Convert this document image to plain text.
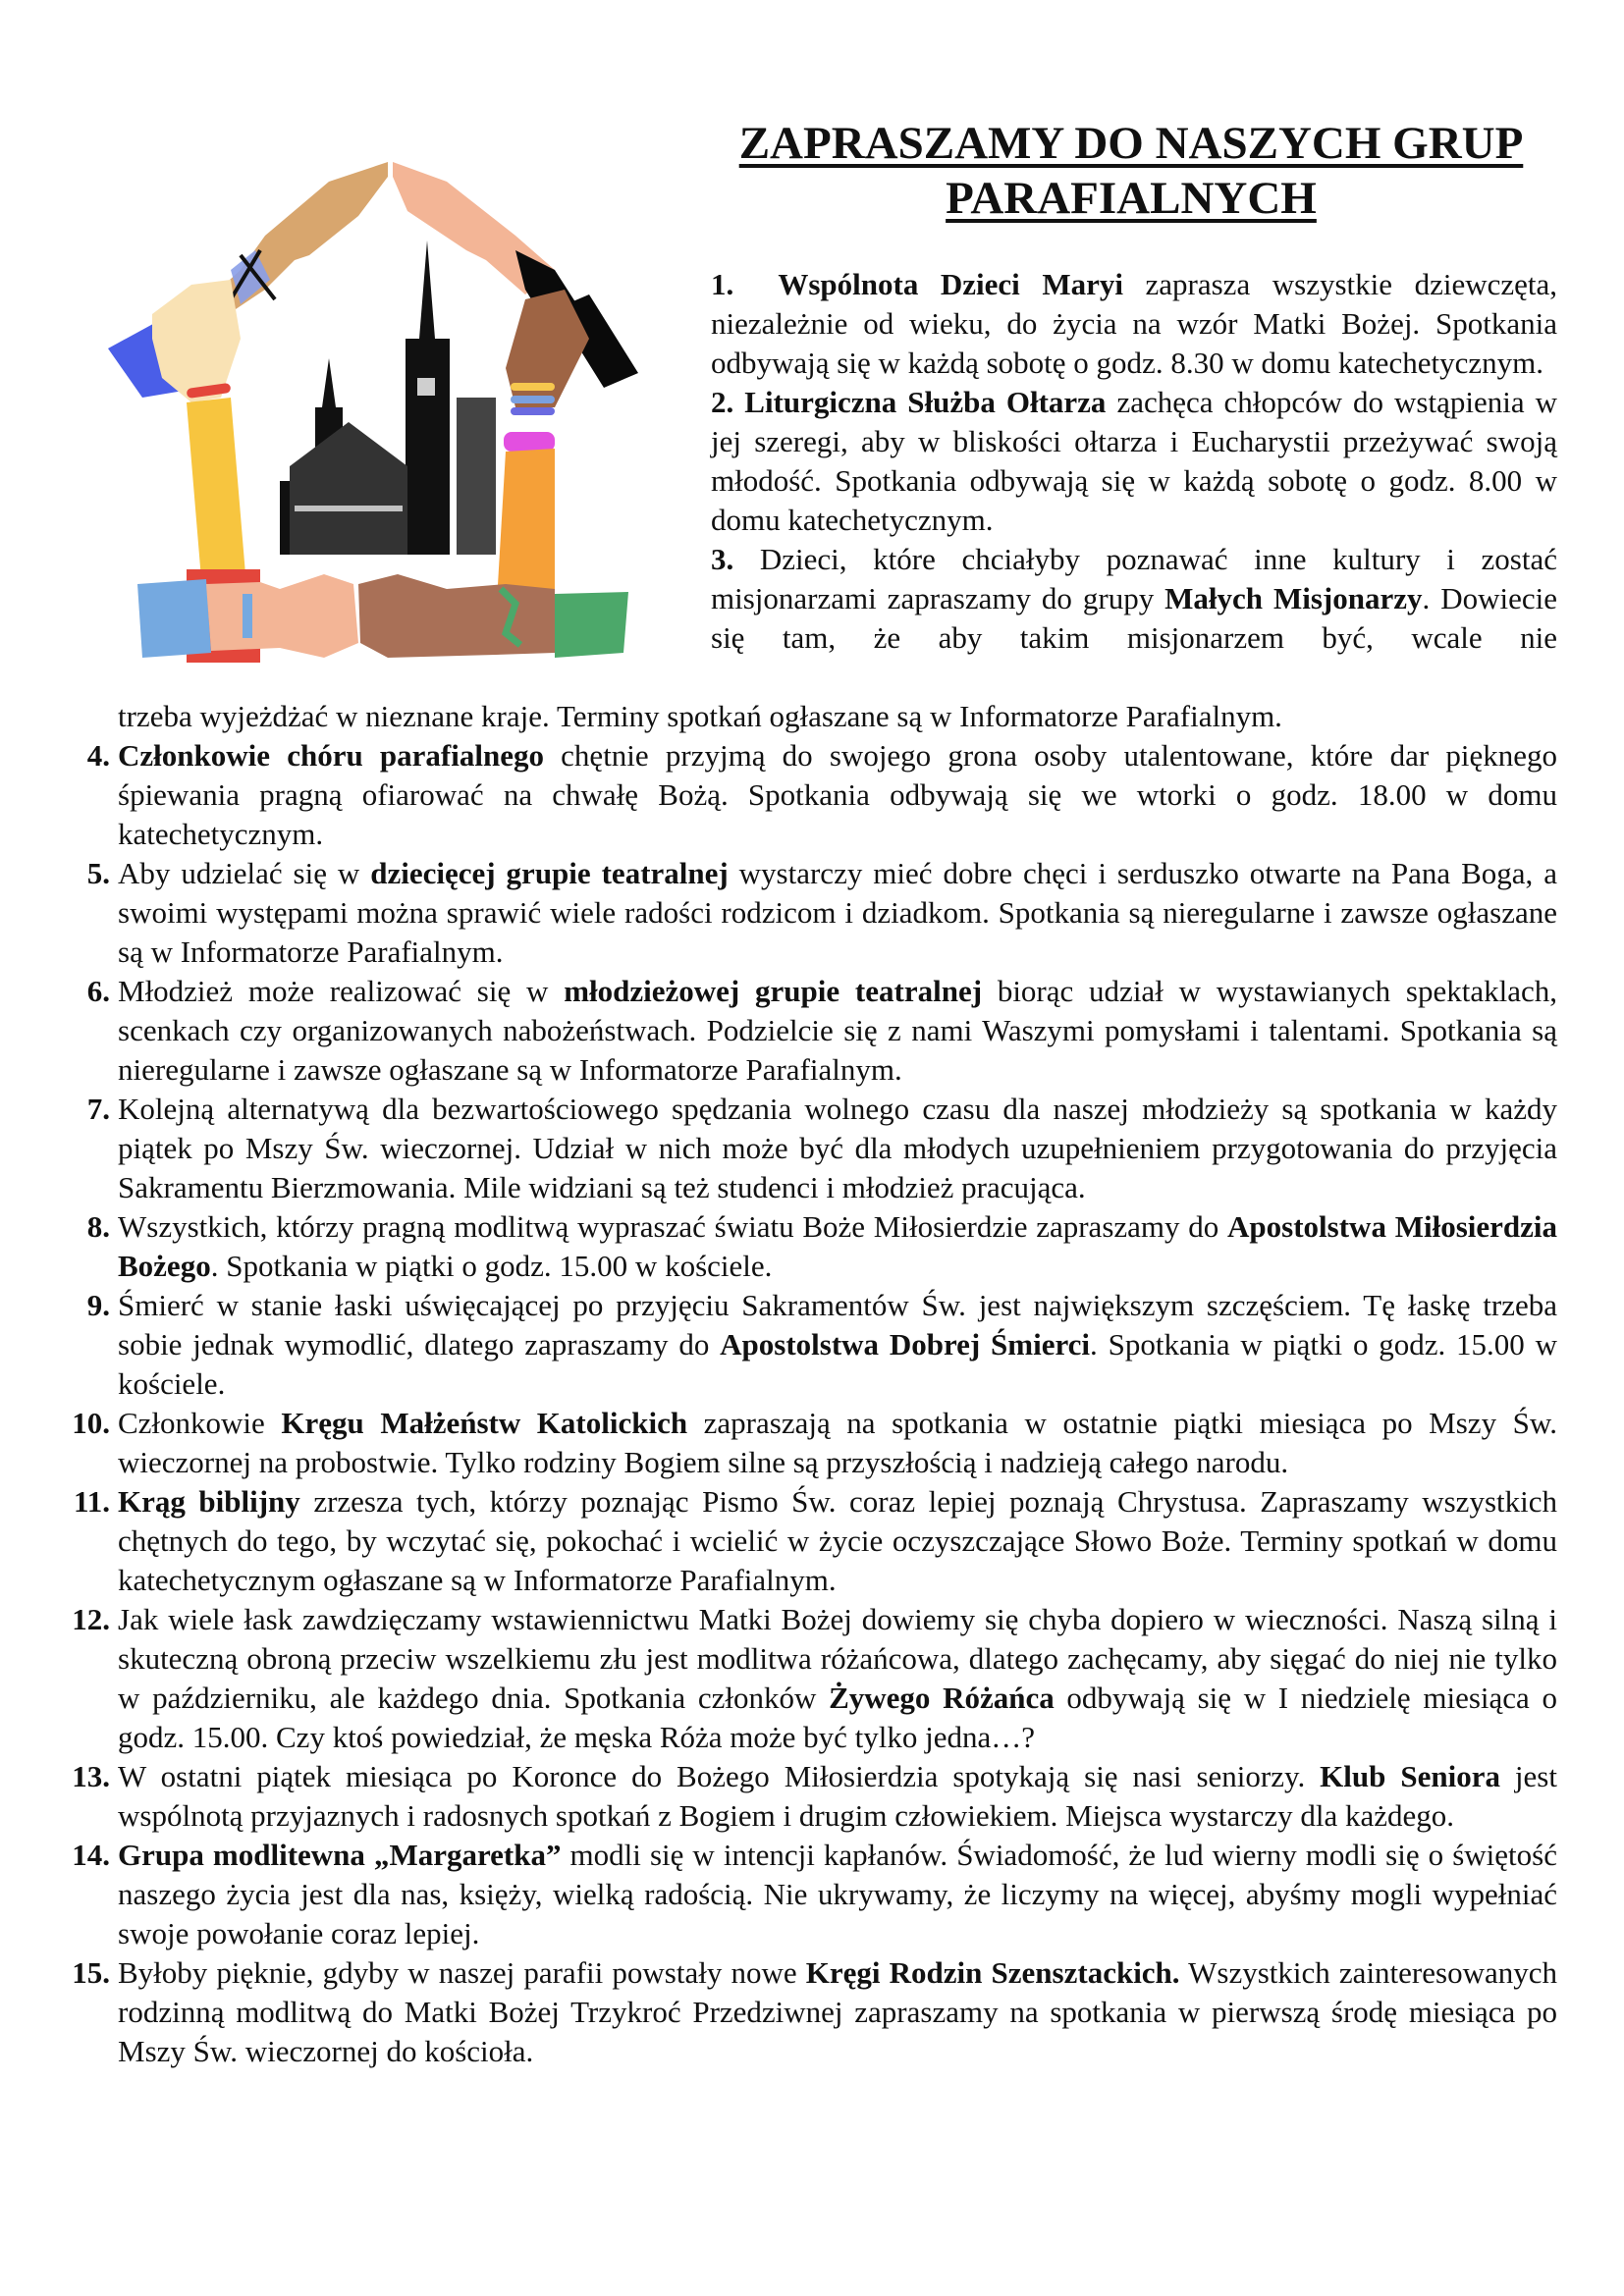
ZAPRASZAMY DO NASZYCH GRUP
PARAFIALNYCH

1. Wspólnota Dzieci Maryi zaprasza wszystkie dziewczęta, niezależnie od wieku, do życia na wzór Matki Bożej. Spotkania odbywają się w każdą sobotę o godz. 8.30 w domu katechetycznym.

2. Liturgiczna Służba Ołtarza zachęca chłopców do wstąpienia w jej szeregi, aby w bliskości ołtarza i Eucharystii przeżywać swoją młodość. Spotkania odbywają się w każdą sobotę o godz. 8.00 w domu katechetycznym.

3. Dzieci, które chciałyby poznawać inne kultury i zostać misjonarzami zapraszamy do grupy Małych Misjonarzy. Dowiecie się tam, że aby takim misjonarzem być, wcale nie

trzeba wyjeżdżać w nieznane kraje. Terminy spotkań ogłaszane są w Informatorze Parafialnym.

4. Członkowie chóru parafialnego chętnie przyjmą do swojego grona osoby utalentowane, które dar pięknego śpiewania pragną ofiarować na chwałę Bożą. Spotkania odbywają się we wtorki o godz. 18.00 w domu katechetycznym.
5. Aby udzielać się w dziecięcej grupie teatralnej wystarczy mieć dobre chęci i serduszko otwarte na Pana Boga, a swoimi występami można sprawić wiele radości rodzicom i dziadkom. Spotkania są nieregularne i zawsze ogłaszane są w Informatorze Parafialnym.
6. Młodzież może realizować się w młodzieżowej grupie teatralnej biorąc udział w wystawianych spektaklach, scenkach czy organizowanych nabożeństwach. Podzielcie się z nami Waszymi pomysłami i talentami. Spotkania są nieregularne i zawsze ogłaszane są w Informatorze Parafialnym.
7. Kolejną alternatywą dla bezwartościowego spędzania wolnego czasu dla naszej młodzieży są spotkania w każdy piątek po Mszy Św. wieczornej. Udział w nich może być dla młodych uzupełnieniem przygotowania do przyjęcia Sakramentu Bierzmowania. Mile widziani są też studenci i młodzież pracująca.
8. Wszystkich, którzy pragną modlitwą wypraszać światu Boże Miłosierdzie zapraszamy do Apostolstwa Miłosierdzia Bożego. Spotkania w piątki o godz. 15.00 w kościele.
9. Śmierć w stanie łaski uświęcającej po przyjęciu Sakramentów Św. jest największym szczęściem. Tę łaskę trzeba sobie jednak wymodlić, dlatego zapraszamy do Apostolstwa Dobrej Śmierci. Spotkania w piątki o godz. 15.00 w kościele.
10. Członkowie Kręgu Małżeństw Katolickich zapraszają na spotkania w ostatnie piątki miesiąca po Mszy Św. wieczornej na probostwie. Tylko rodziny Bogiem silne są przyszłością i nadzieją całego narodu.
11. Krąg biblijny zrzesza tych, którzy poznając Pismo Św. coraz lepiej poznają Chrystusa. Zapraszamy wszystkich chętnych do tego, by wczytać się, pokochać i wcielić w życie oczyszczające Słowo Boże. Terminy spotkań w domu katechetycznym ogłaszane są w Informatorze Parafialnym.
12. Jak wiele łask zawdzięczamy wstawiennictwu Matki Bożej dowiemy się chyba dopiero w wieczności. Naszą silną i skuteczną obroną przeciw wszelkiemu złu jest modlitwa różańcowa, dlatego zachęcamy, aby sięgać do niej nie tylko w październiku, ale każdego dnia. Spotkania członków Żywego Różańca odbywają się w I niedzielę miesiąca o godz. 15.00. Czy ktoś powiedział, że męska Róża może być tylko jedna…?
13. W ostatni piątek miesiąca po Koronce do Bożego Miłosierdzia spotykają się nasi seniorzy. Klub Seniora jest wspólnotą przyjaznych i radosnych spotkań z Bogiem i drugim człowiekiem. Miejsca wystarczy dla każdego.
14. Grupa modlitewna „Margaretka” modli się w intencji kapłanów. Świadomość, że lud wierny modli się o świętość naszego życia jest dla nas, księży, wielką radością. Nie ukrywamy, że liczymy na więcej, abyśmy mogli wypełniać swoje powołanie coraz lepiej.
15. Byłoby pięknie, gdyby w naszej parafii powstały nowe Kręgi Rodzin Szensztackich. Wszystkich zainteresowanych rodzinną modlitwą do Matki Bożej Trzykroć Przedziwnej zapraszamy na spotkania w pierwszą środę miesiąca po Mszy Św. wieczornej do kościoła.
